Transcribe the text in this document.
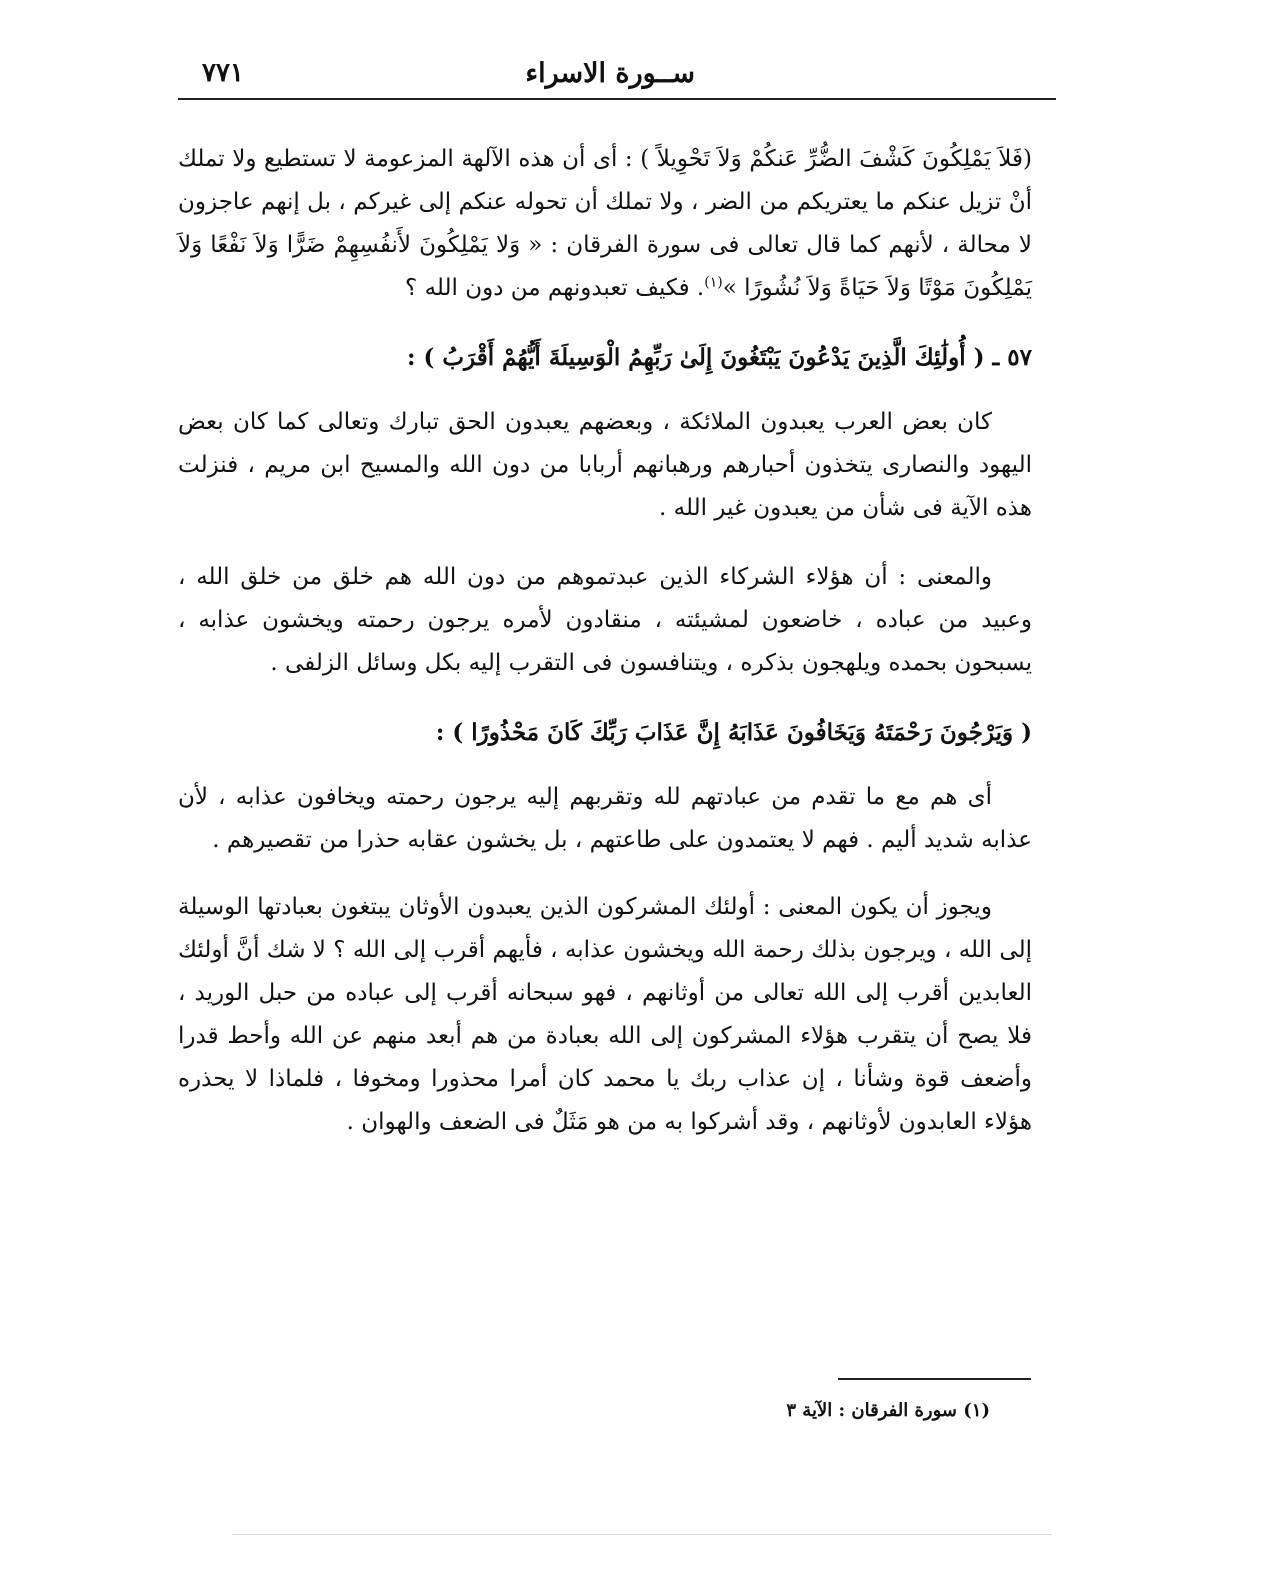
ســورة الاسراء
٧٧١

(فَلاَ يَمْلِكُونَ كَشْفَ الضُّرِّ عَنكُمْ وَلاَ تَحْوِيلاً ) : أى أن هذه الآلهة المزعومة لا تستطيع ولا تملك أنْ تزيل عنكم ما يعتريكم من الضر ، ولا تملك أن تحوله عنكم إلى غيركم ، بل إنهم عاجزون لا محالة ، لأنهم كما قال تعالى فى سورة الفرقان : « وَلا يَمْلِكُونَ لأَنفُسِهِمْ ضَرًّا وَلاَ نَفْعًا وَلاَ يَمْلِكُونَ مَوْتًا وَلاَ حَيَاةً وَلاَ نُشُورًا »$^{(١)}$. فكيف تعبدونهم من دون الله ؟

٥٧ ـ ( أُولَٰئِكَ الَّذِينَ يَدْعُونَ يَبْتَغُونَ إِلَىٰ رَبِّهِمُ الْوَسِيلَةَ أَيُّهُمْ أَقْرَبُ ) :

كان بعض العرب يعبدون الملائكة ، وبعضهم يعبدون الحق تبارك وتعالى كما كان بعض اليهود والنصارى يتخذون أحبارهم ورهبانهم أربابا من دون الله والمسيح ابن مريم ، فنزلت هذه الآية فى شأن من يعبدون غير الله .

والمعنى : أن هؤلاء الشركاء الذين عبدتموهم من دون الله هم خلق من خلق الله ، وعبيد من عباده ، خاضعون لمشيئته ، منقادون لأمره يرجون رحمته ويخشون عذابه ، يسبحون بحمده ويلهجون بذكره ، ويتنافسون فى التقرب إليه بكل وسائل الزلفى .

( وَيَرْجُونَ رَحْمَتَهُ وَيَخَافُونَ عَذَابَهُ إِنَّ عَذَابَ رَبِّكَ كَانَ مَحْذُورًا ) :

أى هم مع ما تقدم من عبادتهم لله وتقربهم إليه يرجون رحمته ويخافون عذابه ، لأن عذابه شديد أليم . فهم لا يعتمدون على طاعتهم ، بل يخشون عقابه حذرا من تقصيرهم .

ويجوز أن يكون المعنى : أولئك المشركون الذين يعبدون الأوثان يبتغون بعبادتها الوسيلة إلى الله ، ويرجون بذلك رحمة الله ويخشون عذابه ، فأيهم أقرب إلى الله ؟ لا شك أنَّ أولئك العابدين أقرب إلى الله تعالى من أوثانهم ، فهو سبحانه أقرب إلى عباده من حبل الوريد ، فلا يصح أن يتقرب هؤلاء المشركون إلى الله بعبادة من هم أبعد منهم عن الله وأحط قدرا وأضعف قوة وشأنا ، إن عذاب ربك يا محمد كان أمرا محذورا ومخوفا ، فلماذا لا يحذره هؤلاء العابدون لأوثانهم ، وقد أشركوا به من هو مَثَلٌ فى الضعف والهوان .

(١) سورة الفرقان : الآية ٣
